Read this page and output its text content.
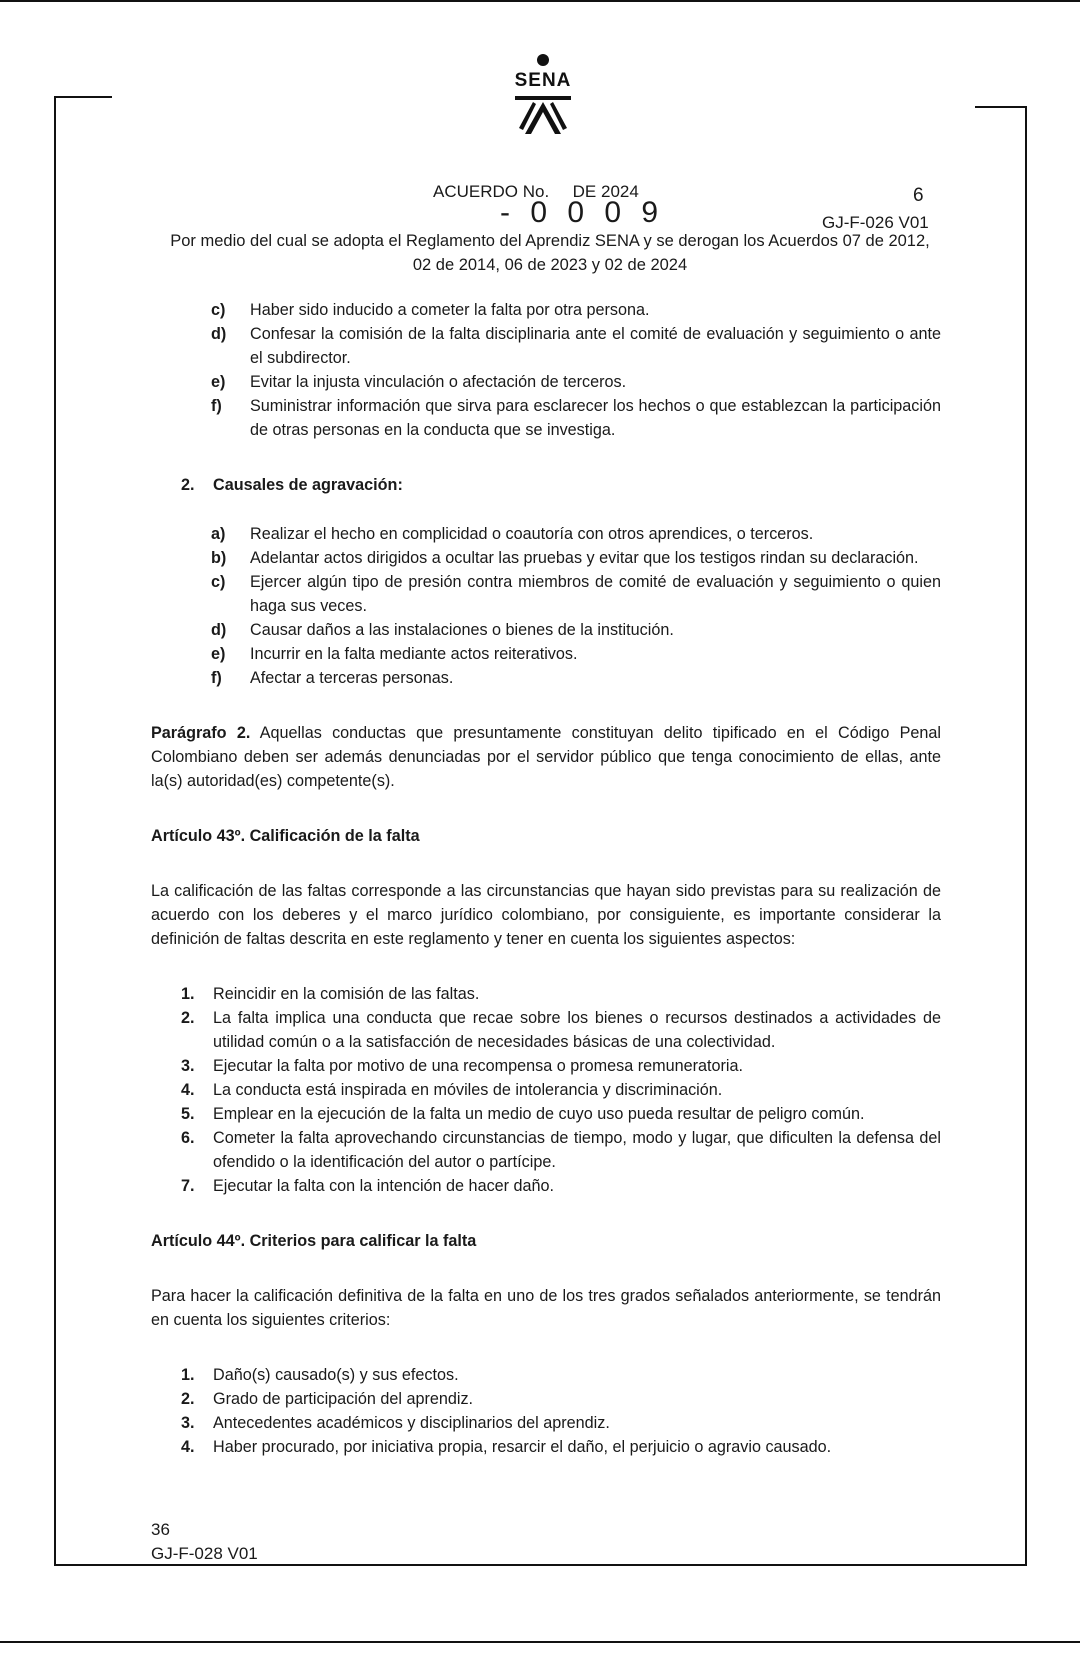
SENA
ACUERDO No. DE 2024
- 0 0 0 9
6
GJ-F-026 V01
Por medio del cual se adopta el Reglamento del Aprendiz SENA y se derogan los Acuerdos 07 de 2012, 02 de 2014, 06 de 2023 y 02 de 2024
c)	Haber sido inducido a cometer la falta por otra persona.
d)	Confesar la comisión de la falta disciplinaria ante el comité de evaluación y seguimiento o ante el subdirector.
e)	Evitar la injusta vinculación o afectación de terceros.
f)	Suministrar información que sirva para esclarecer los hechos o que establezcan la participación de otras personas en la conducta que se investiga.
2.	Causales de agravación:
a)	Realizar el hecho en complicidad o coautoría con otros aprendices, o terceros.
b)	Adelantar actos dirigidos a ocultar las pruebas y evitar que los testigos rindan su declaración.
c)	Ejercer algún tipo de presión contra miembros de comité de evaluación y seguimiento o quien haga sus veces.
d)	Causar daños a las instalaciones o bienes de la institución.
e)	Incurrir en la falta mediante actos reiterativos.
f)	Afectar a terceras personas.

Parágrafo 2. Aquellas conductas que presuntamente constituyan delito tipificado en el Código Penal Colombiano deben ser además denunciadas por el servidor público que tenga conocimiento de ellas, ante la(s) autoridad(es) competente(s).

Artículo 43º. Calificación de la falta

La calificación de las faltas corresponde a las circunstancias que hayan sido previstas para su realización de acuerdo con los deberes y el marco jurídico colombiano, por consiguiente, es importante considerar la definición de faltas descrita en este reglamento y tener en cuenta los siguientes aspectos:

1.	Reincidir en la comisión de las faltas.
2.	La falta implica una conducta que recae sobre los bienes o recursos destinados a actividades de utilidad común o a la satisfacción de necesidades básicas de una colectividad.
3.	Ejecutar la falta por motivo de una recompensa o promesa remuneratoria.
4.	La conducta está inspirada en móviles de intolerancia y discriminación.
5.	Emplear en la ejecución de la falta un medio de cuyo uso pueda resultar de peligro común.
6.	Cometer la falta aprovechando circunstancias de tiempo, modo y lugar, que dificulten la defensa del ofendido o la identificación del autor o partícipe.
7.	Ejecutar la falta con la intención de hacer daño.

Artículo 44º. Criterios para calificar la falta

Para hacer la calificación definitiva de la falta en uno de los tres grados señalados anteriormente, se tendrán en cuenta los siguientes criterios:

1.	Daño(s) causado(s) y sus efectos.
2.	Grado de participación del aprendiz.
3.	Antecedentes académicos y disciplinarios del aprendiz.
4.	Haber procurado, por iniciativa propia, resarcir el daño, el perjuicio o agravio causado.
36
GJ-F-028 V01
